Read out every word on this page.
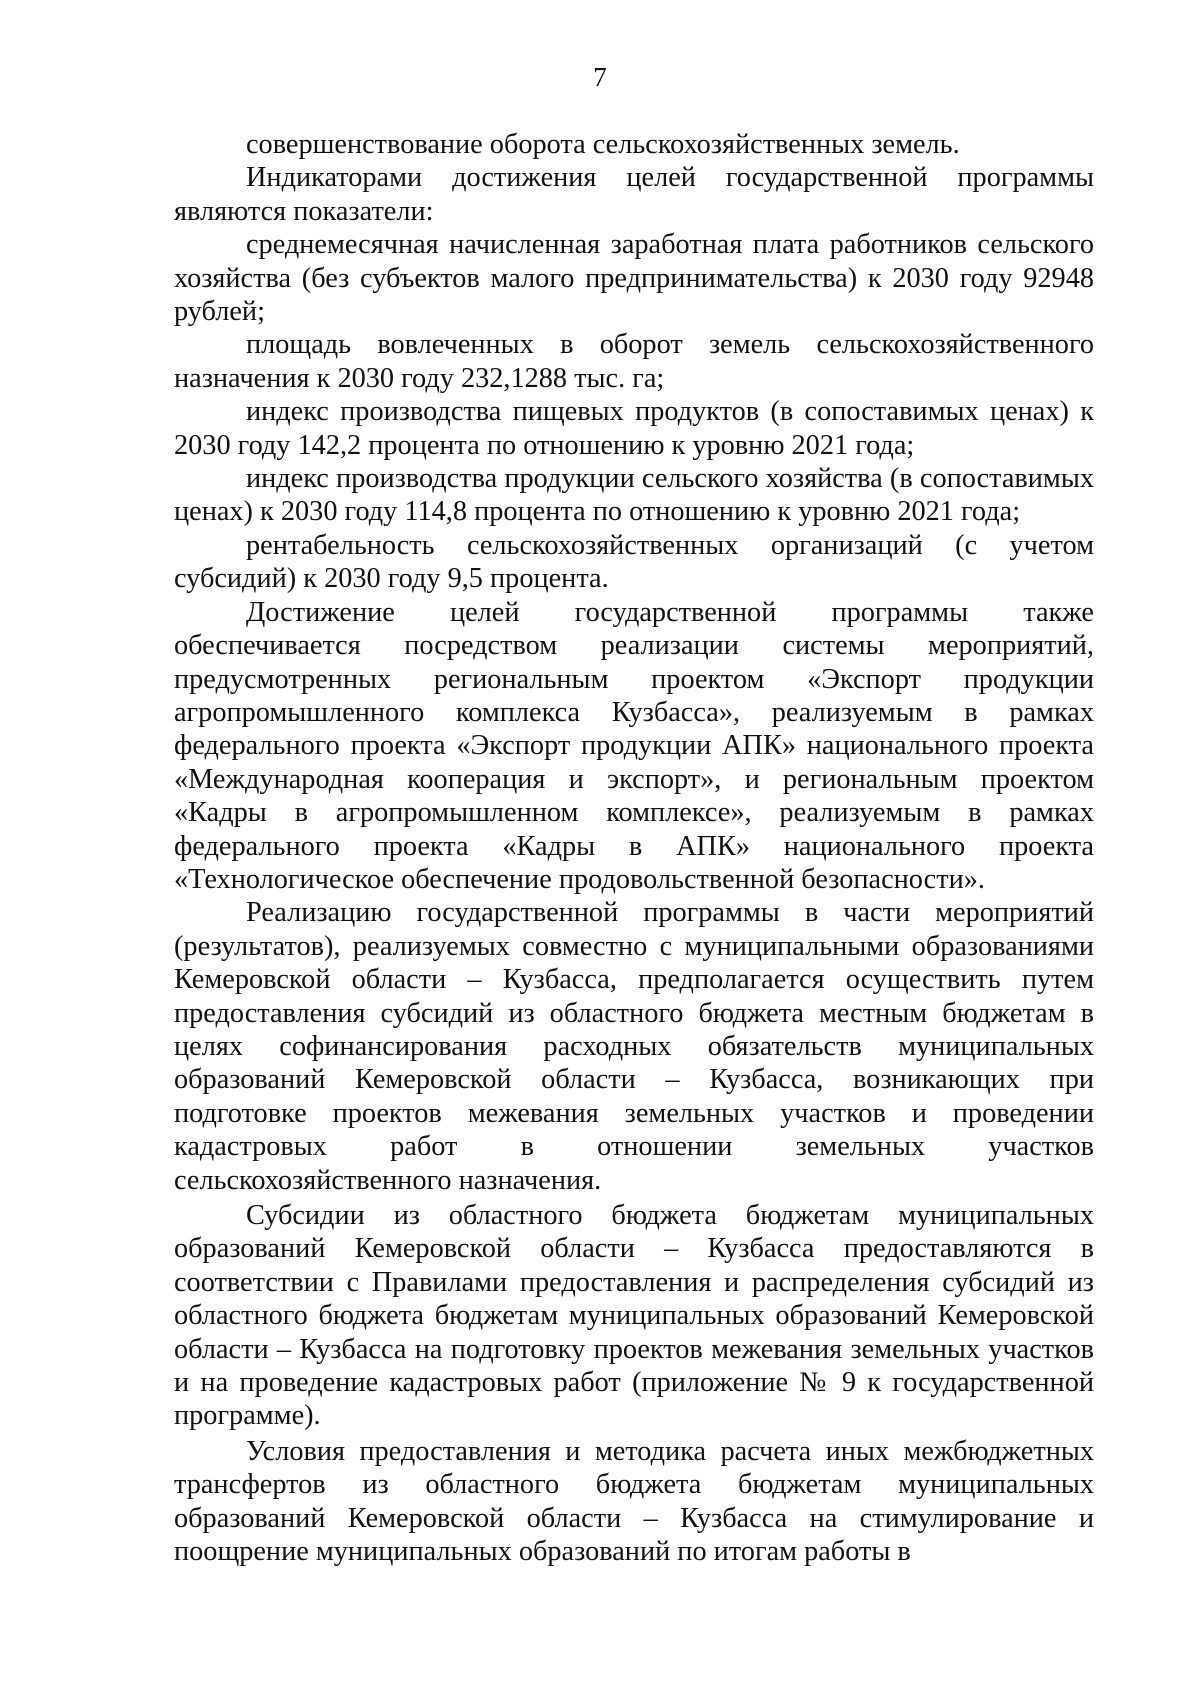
7

совершенствование оборота сельскохозяйственных земель.

Индикаторами достижения целей государственной программы являются показатели:

среднемесячная начисленная заработная плата работников сельского хозяйства (без субъектов малого предпринимательства) к 2030 году 92948 рублей;

площадь вовлеченных в оборот земель сельскохозяйственного назначения к 2030 году 232,1288 тыс. га;

индекс производства пищевых продуктов (в сопоставимых ценах) к 2030 году 142,2 процента по отношению к уровню 2021 года;

индекс производства продукции сельского хозяйства (в сопоставимых ценах) к 2030 году 114,8 процента по отношению к уровню 2021 года;

рентабельность сельскохозяйственных организаций (с учетом субсидий) к 2030 году 9,5 процента.

Достижение целей государственной программы также обеспечивается посредством реализации системы мероприятий, предусмотренных региональным проектом «Экспорт продукции агропромышленного комплекса Кузбасса», реализуемым в рамках федерального проекта «Экспорт продукции АПК» национального проекта «Международная кооперация и экспорт», и региональным проектом «Кадры в агропромышленном комплексе», реализуемым в рамках федерального проекта «Кадры в АПК» национального проекта «Технологическое обеспечение продовольственной безопасности».

Реализацию государственной программы в части мероприятий (результатов), реализуемых совместно с муниципальными образованиями Кемеровской области – Кузбасса, предполагается осуществить путем предоставления субсидий из областного бюджета местным бюджетам в целях софинансирования расходных обязательств муниципальных образований Кемеровской области – Кузбасса, возникающих при подготовке проектов межевания земельных участков и проведении кадастровых работ в отношении земельных участков сельскохозяйственного назначения.

Субсидии из областного бюджета бюджетам муниципальных образований Кемеровской области – Кузбасса предоставляются в соответствии с Правилами предоставления и распределения субсидий из областного бюджета бюджетам муниципальных образований Кемеровской области – Кузбасса на подготовку проектов межевания земельных участков и на проведение кадастровых работ (приложение № 9 к государственной программе).

Условия предоставления и методика расчета иных межбюджетных трансфертов из областного бюджета бюджетам муниципальных образований Кемеровской области – Кузбасса на стимулирование и поощрение муниципальных образований по итогам работы в
